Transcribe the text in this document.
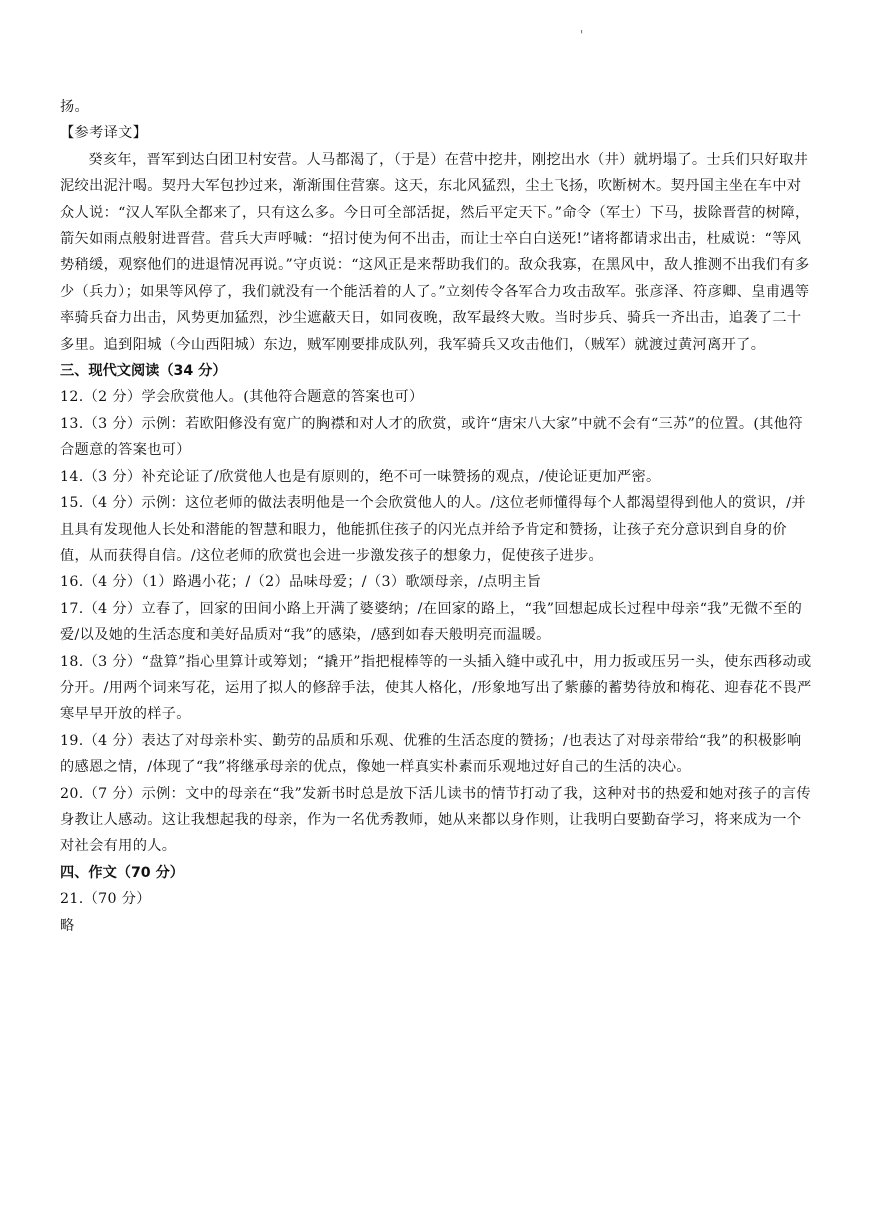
'
扬。
【参考译文】
癸亥年，晋军到达白团卫村安营。人马都渴了，（于是）在营中挖井，刚挖出水（井）就坍塌了。士兵们只好取井泥绞出泥汁喝。契丹大军包抄过来，渐渐围住营寨。这天，东北风猛烈，尘土飞扬，吹断树木。契丹国主坐在车中对众人说：“汉人军队全都来了，只有这么多。今日可全部活捉，然后平定天下。”命令（军士）下马，拔除晋营的树障，箭矢如雨点般射进晋营。营兵大声呼喊：“招讨使为何不出击，而让士卒白白送死!”诸将都请求出击，杜威说：“等风势稍缓，观察他们的进退情况再说。”守贞说：“这风正是来帮助我们的。敌众我寡，在黑风中，敌人推测不出我们有多少（兵力）；如果等风停了，我们就没有一个能活着的人了。”立刻传令各军合力攻击敌军。张彦泽、符彦卿、皇甫遇等率骑兵奋力出击，风势更加猛烈，沙尘遮蔽天日，如同夜晚，敌军最终大败。当时步兵、骑兵一齐出击，追袭了二十多里。追到阳城（今山西阳城）东边，贼军刚要排成队列，我军骑兵又攻击他们，（贼军）就渡过黄河离开了。
三、现代文阅读（34 分）
12.（2 分）学会欣赏他人。(其他符合题意的答案也可）
13.（3 分）示例：若欧阳修没有宽广的胸襟和对人才的欣赏，或许“唐宋八大家”中就不会有“三苏”的位置。(其他符合题意的答案也可）
14.（3 分）补充论证了/欣赏他人也是有原则的，绝不可一味赞扬的观点，/使论证更加严密。
15.（4 分）示例：这位老师的做法表明他是一个会欣赏他人的人。/这位老师懂得每个人都渴望得到他人的赏识，/并且具有发现他人长处和潜能的智慧和眼力，他能抓住孩子的闪光点并给予肯定和赞扬，让孩子充分意识到自身的价值，从而获得自信。/这位老师的欣赏也会进一步激发孩子的想象力，促使孩子进步。
16.（4 分）（1）路遇小花；/（2）品味母爱；/（3）歌颂母亲，/点明主旨
17.（4 分）立春了，回家的田间小路上开满了婆婆纳；/在回家的路上，“我”回想起成长过程中母亲“我”无微不至的爱/以及她的生活态度和美好品质对“我”的感染，/感到如春天般明亮而温暖。
18.（3 分）“盘算”指心里算计或筹划；“撬开”指把棍棒等的一头插入缝中或孔中，用力扳或压另一头，使东西移动或分开。/用两个词来写花，运用了拟人的修辞手法，使其人格化，/形象地写出了紫藤的蓄势待放和梅花、迎春花不畏严寒早早开放的样子。
19.（4 分）表达了对母亲朴实、勤劳的品质和乐观、优雅的生活态度的赞扬；/也表达了对母亲带给“我”的积极影响的感恩之情，/体现了“我”将继承母亲的优点，像她一样真实朴素而乐观地过好自己的生活的决心。
20.（7 分）示例：文中的母亲在“我”发新书时总是放下活儿读书的情节打动了我，这种对书的热爱和她对孩子的言传身教让人感动。这让我想起我的母亲，作为一名优秀教师，她从来都以身作则，让我明白要勤奋学习，将来成为一个对社会有用的人。
四、作文（70 分）
21.（70 分）
略
